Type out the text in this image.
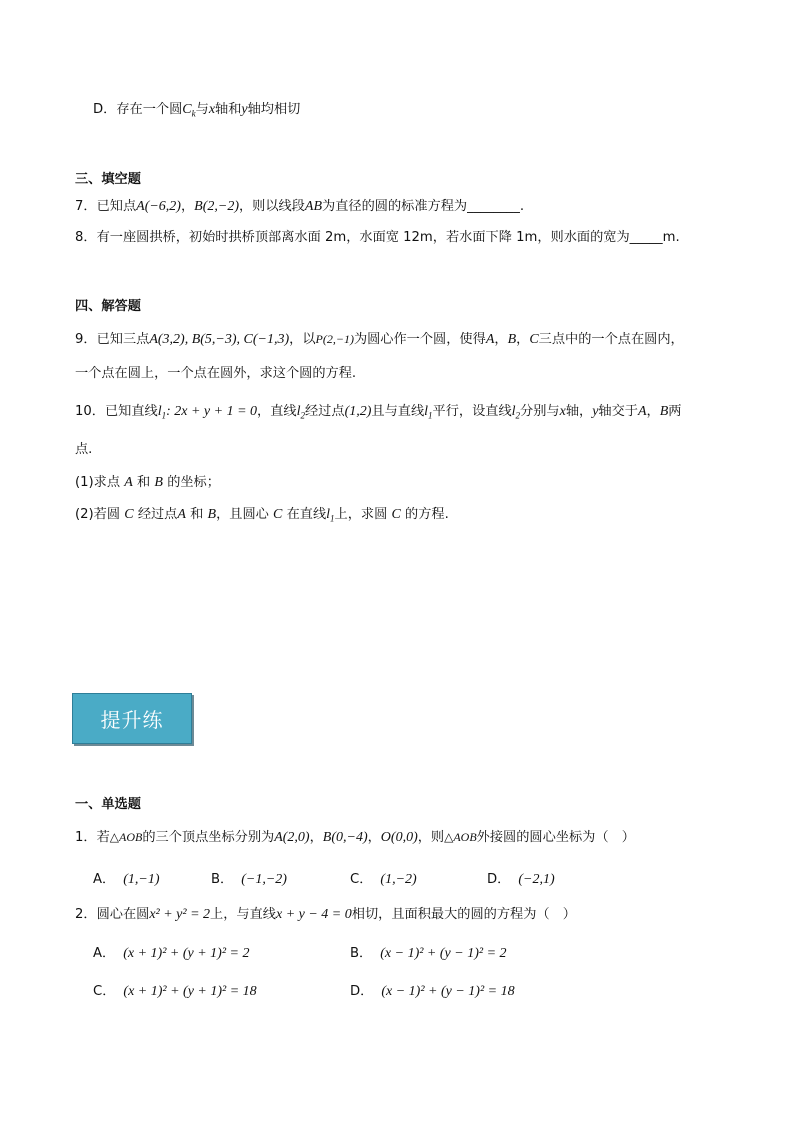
D．存在一个圆$C_k$与x轴和y轴均相切
三、填空题
7．已知点A(−6,2)，B(2,−2)，则以线段AB为直径的圆的标准方程为________.
8．有一座圆拱桥，初始时拱桥顶部离水面 2m，水面宽 12m，若水面下降 1m，则水面的宽为_____m.
四、解答题
9．已知三点A(3,2), B(5,−3), C(−1,3)，以P(2,−1)为圆心作一个圆，使得A，B，C三点中的一个点在圆内，
一个点在圆上，一个点在圆外，求这个圆的方程.
10．已知直线$l_1$: 2x + y + 1 = 0，直线$l_2$经过点(1,2)且与直线$l_1$平行，设直线$l_2$分别与x轴，y轴交于A，B两
点.
(1)求点 A 和 B 的坐标；
(2)若圆 C 经过点A 和 B，且圆心 C 在直线$l_1$上，求圆 C 的方程.
提升练
一、单选题
1．若△AOB的三个顶点坐标分别为A(2,0)，B(0,−4)，O(0,0)，则△AOB外接圆的圆心坐标为（　）
A． (1,−1)	B． (−1,−2)	C． (1,−2)	D． (−2,1)
2．圆心在圆x² + y² = 2上，与直线x + y − 4 = 0相切，且面积最大的圆的方程为（　）
A． (x + 1)² + (y + 1)² = 2	B． (x − 1)² + (y − 1)² = 2
C． (x + 1)² + (y + 1)² = 18	D． (x − 1)² + (y − 1)² = 18
